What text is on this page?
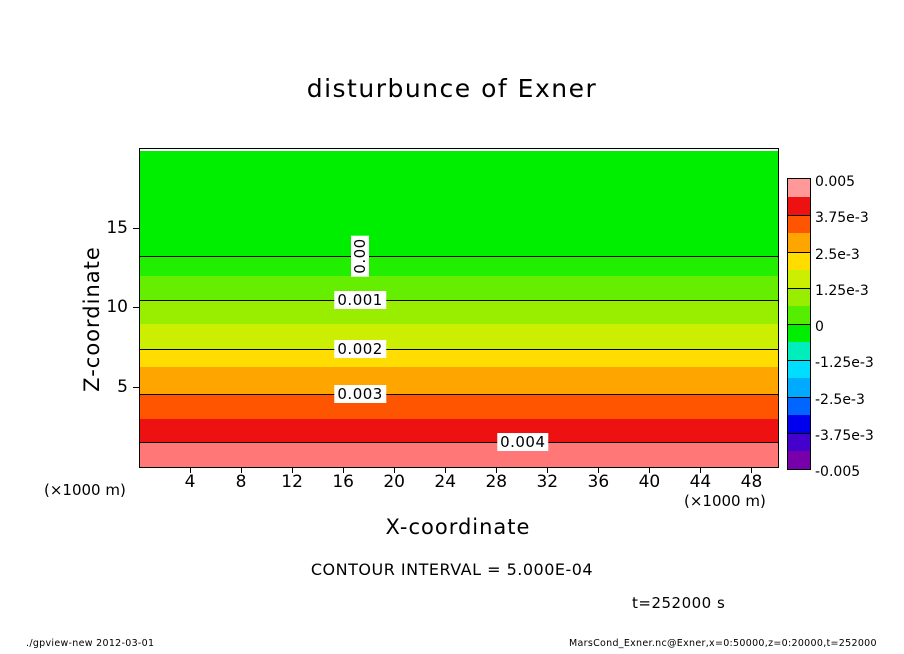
disturbunce of Exner
0.00
0.001
0.002
0.003
0.004
Z-coordinate
X-coordinate
(×1000 m)
(×1000 m)
CONTOUR INTERVAL = 5.000E-04
t=252000 s
./gpview-new 2012-03-01	MarsCond_Exner.nc@Exner,x=0:50000,z=0:20000,t=252000
4 8 12 16 20 24 28 32 36 40 44 48
5
10
15
0.005
3.75e-3
2.5e-3
1.25e-3
0
-1.25e-3
-2.5e-3
-3.75e-3
-0.005
